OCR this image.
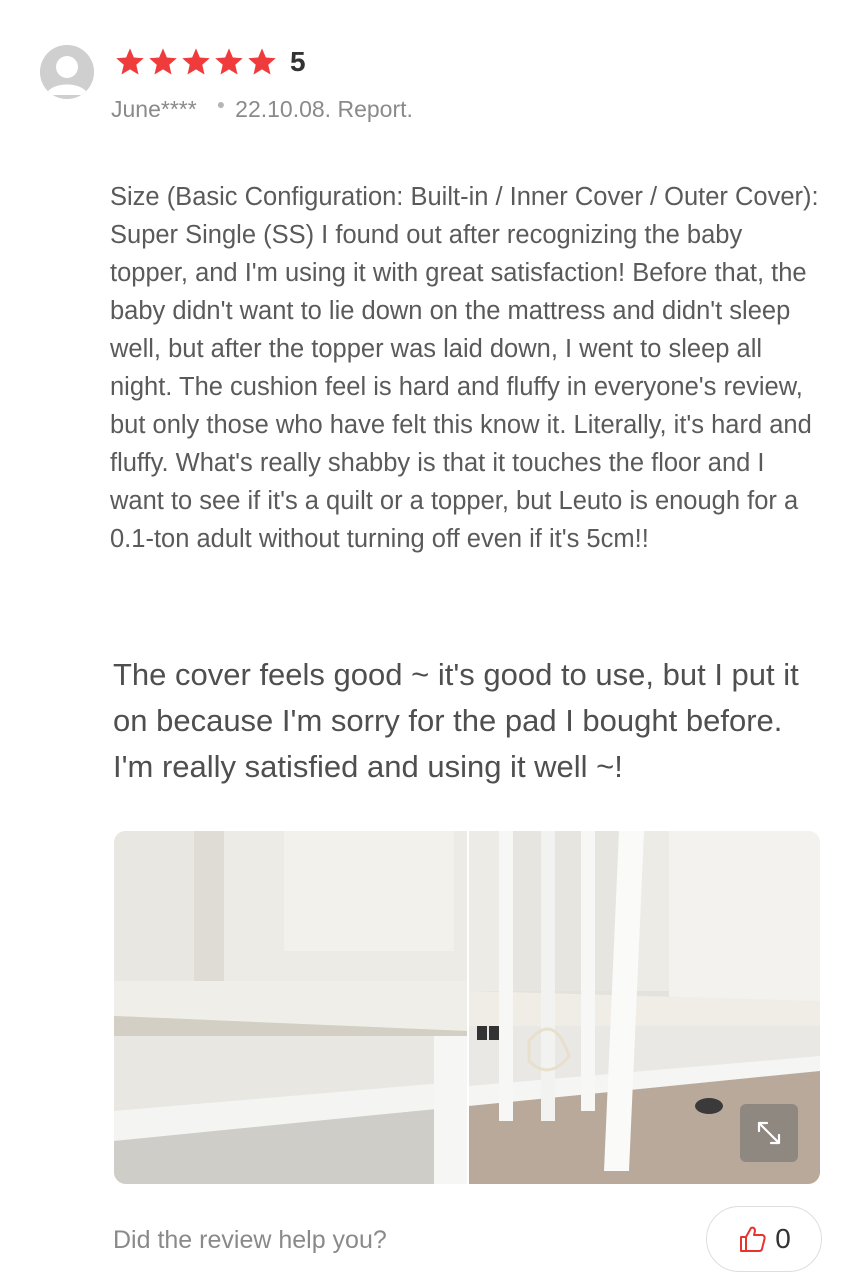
5
June**** ● 22.10.08. Report.

Size (Basic Configuration: Built-in / Inner Cover / Outer Cover): Super Single (SS) I found out after recognizing the baby topper, and I'm using it with great satisfaction! Before that, the baby didn't want to lie down on the mattress and didn't sleep well, but after the topper was laid down, I went to sleep all night. The cushion feel is hard and fluffy in everyone's review, but only those who have felt this know it. Literally, it's hard and fluffy. What's really shabby is that it touches the floor and I want to see if it's a quilt or a topper, but Leuto is enough for a 0.1-ton adult without turning off even if it's 5cm!!

The cover feels good ~ it's good to use, but I put it on because I'm sorry for the pad I bought before. I'm really satisfied and using it well ~!

Did the review help you?	0
